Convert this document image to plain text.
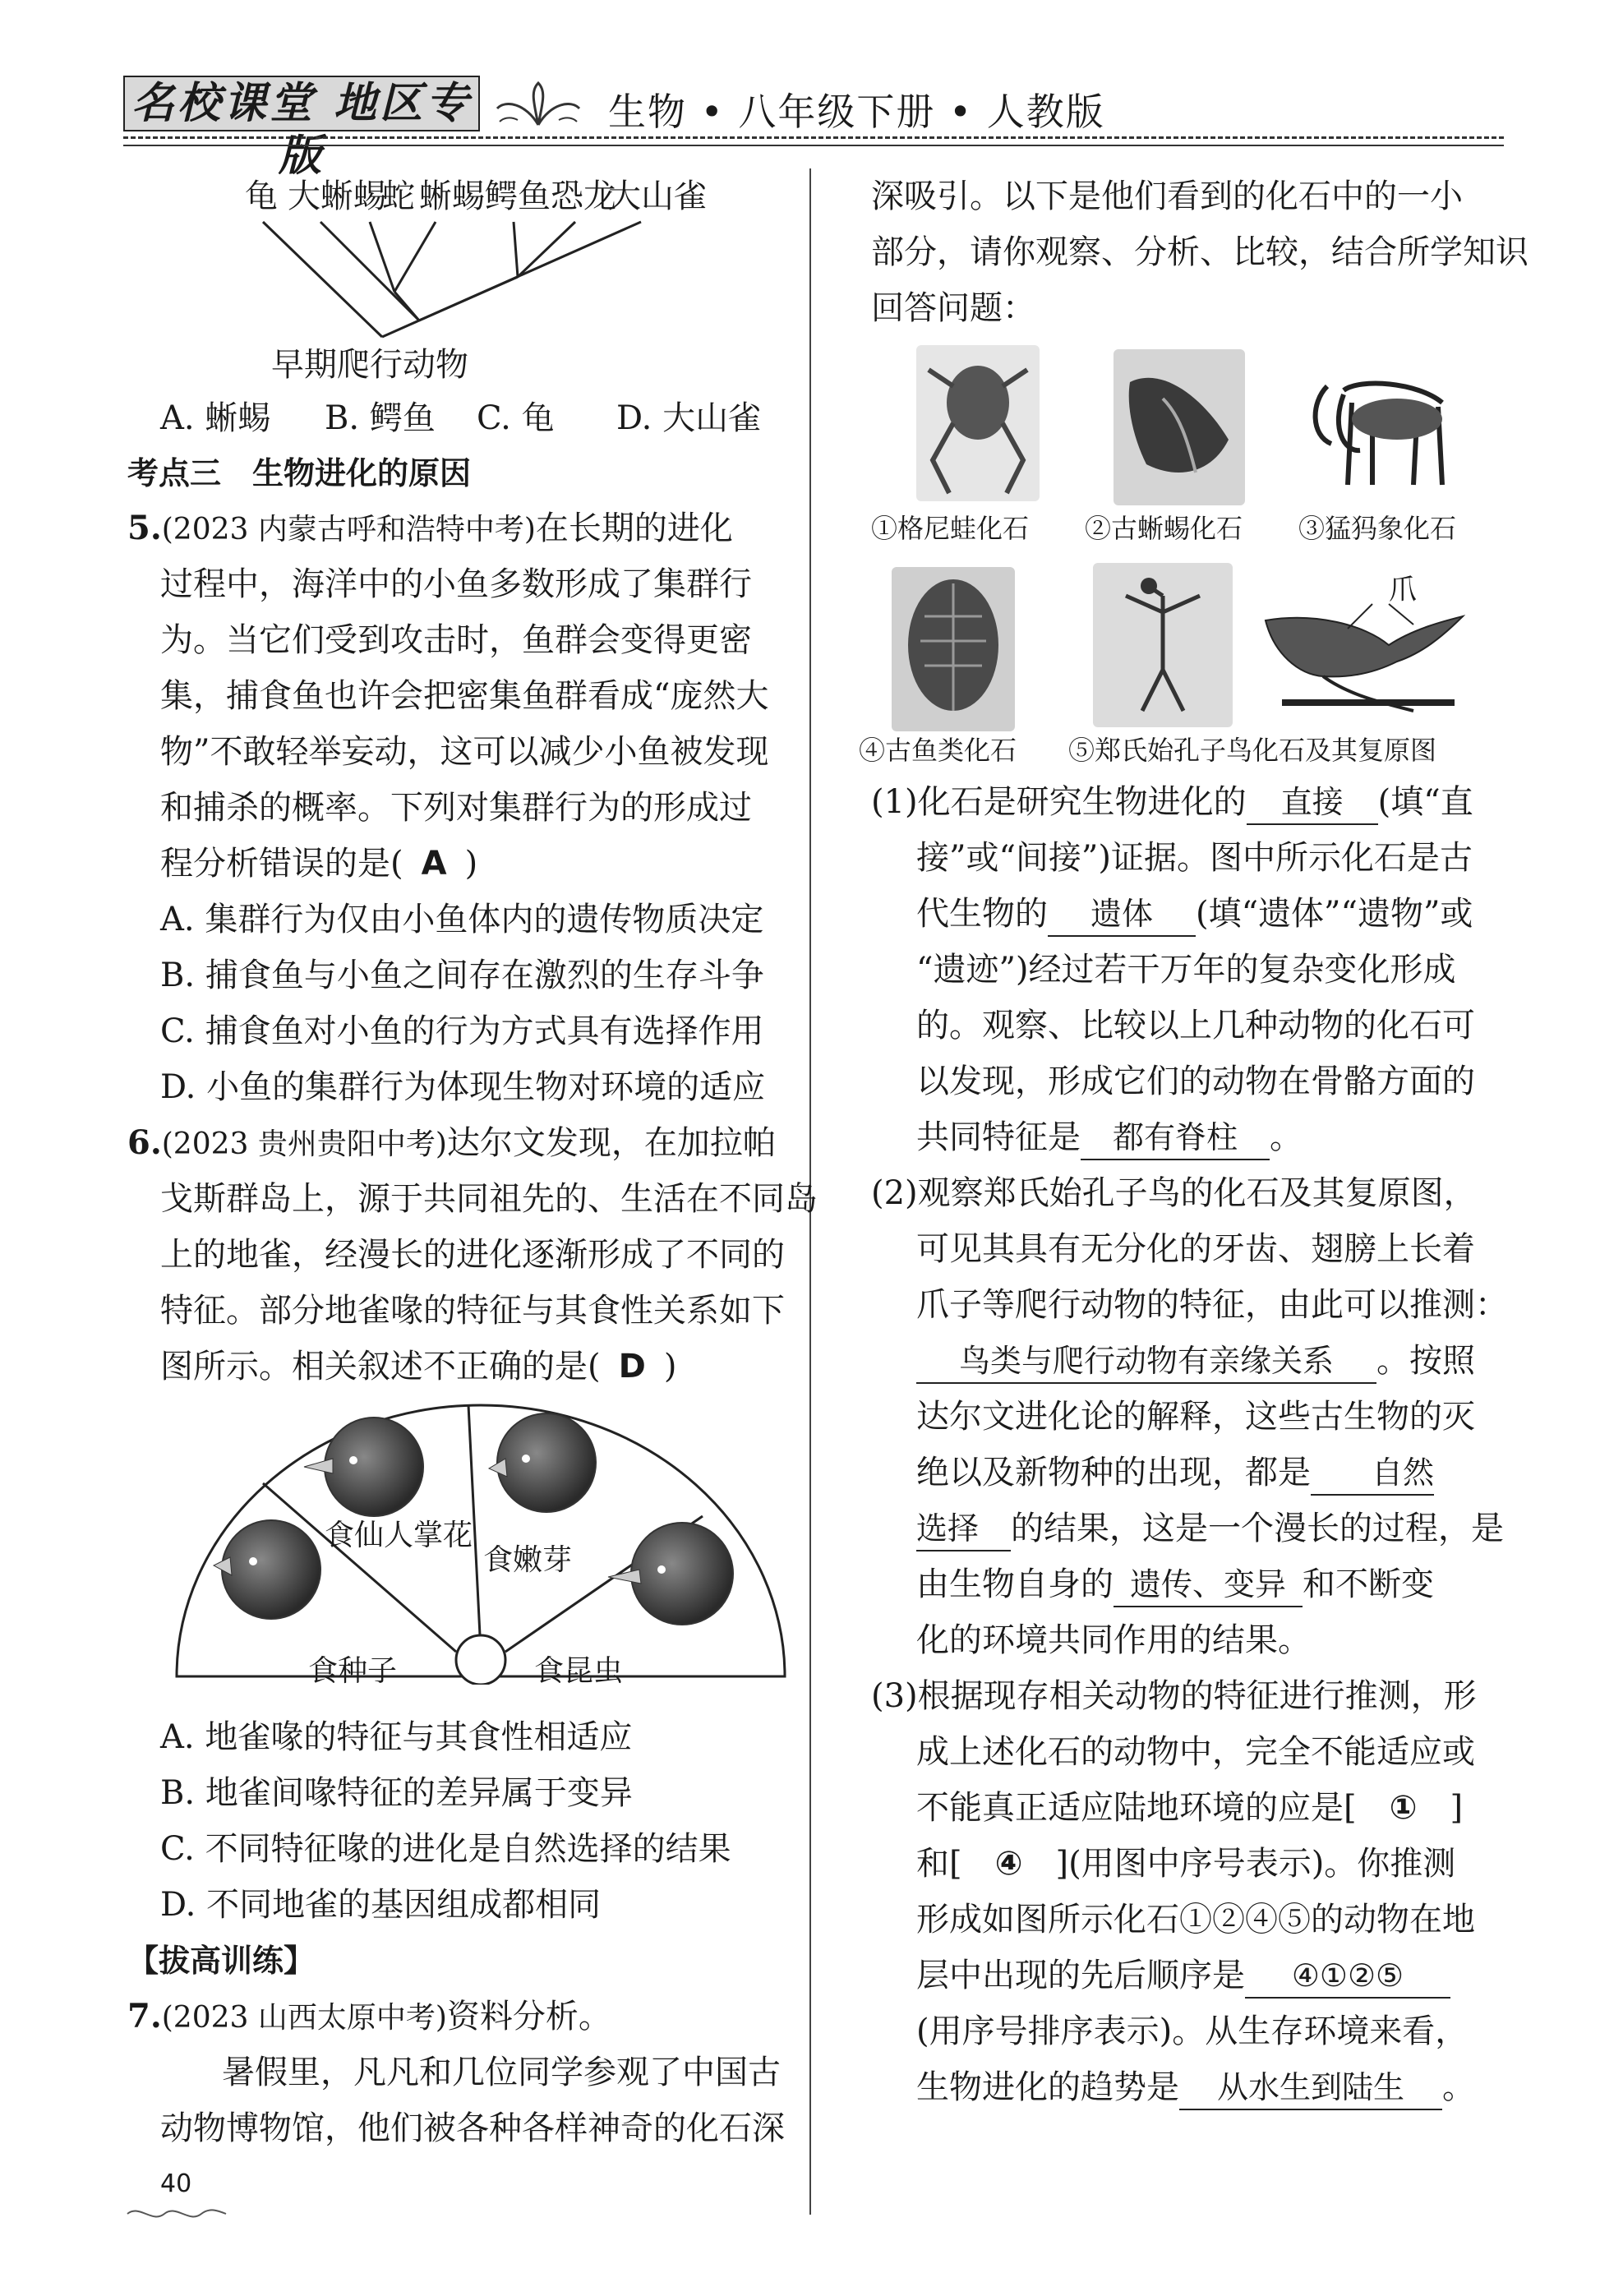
名校课堂 地区专版
生物 • 八年级下册 • 人教版
龟 大蜥蜴
蛇 蜥蜴 鳄鱼 恐龙
大山雀
早期爬行动物
A. 蜥蜴 B. 鳄鱼 C. 龟 D. 大山雀
考点三　生物进化的原因
5.(2023 内蒙古呼和浩特中考)在长期的进化
过程中，海洋中的小鱼多数形成了集群行
为。当它们受到攻击时，鱼群会变得更密
集，捕食鱼也许会把密集鱼群看成“庞然大
物”不敢轻举妄动，这可以减少小鱼被发现
和捕杀的概率。下列对集群行为的形成过
程分析错误的是( A )
A. 集群行为仅由小鱼体内的遗传物质决定
B. 捕食鱼与小鱼之间存在激烈的生存斗争
C. 捕食鱼对小鱼的行为方式具有选择作用
D. 小鱼的集群行为体现生物对环境的适应
6.(2023 贵州贵阳中考)达尔文发现，在加拉帕
戈斯群岛上，源于共同祖先的、生活在不同岛
上的地雀，经漫长的进化逐渐形成了不同的
特征。部分地雀喙的特征与其食性关系如下
图所示。相关叙述不正确的是( D )
食种子
食仙人掌花
食嫩芽
食昆虫
A. 地雀喙的特征与其食性相适应
B. 地雀间喙特征的差异属于变异
C. 不同特征喙的进化是自然选择的结果
D. 不同地雀的基因组成都相同
【拔高训练】
7.(2023 山西太原中考)资料分析。
暑假里，凡凡和几位同学参观了中国古
动物博物馆，他们被各种各样神奇的化石深
40
深吸引。以下是他们看到的化石中的一小
部分，请你观察、分析、比较，结合所学知识
回答问题：
①格尼蛙化石 ②古蜥蜴化石 ③猛犸象化石
爪
④古鱼类化石 ⑤郑氏始孔子鸟化石及其复原图
(1)化石是研究生物进化的 直接 (填“直
接”或“间接”)证据。图中所示化石是古
代生物的 遗体 (填“遗体”“遗物”或
“遗迹”)经过若干万年的复杂变化形成
的。观察、比较以上几种动物的化石可
以发现，形成它们的动物在骨骼方面的
共同特征是 都有脊柱 。
(2)观察郑氏始孔子鸟的化石及其复原图，
可见其具有无分化的牙齿、翅膀上长着
爪子等爬行动物的特征，由此可以推测：
鸟类与爬行动物有亲缘关系 。按照
达尔文进化论的解释，这些古生物的灭
绝以及新物种的出现，都是 自然
选择 的结果，这是一个漫长的过程，是
由生物自身的 遗传、变异 和不断变
化的环境共同作用的结果。
(3)根据现存相关动物的特征进行推测，形
成上述化石的动物中，完全不能适应或
不能真正适应陆地环境的应是[ ① ]
和[ ④ ](用图中序号表示)。你推测
形成如图所示化石①②④⑤的动物在地
层中出现的先后顺序是 ④①②⑤
(用序号排序表示)。从生存环境来看，
生物进化的趋势是 从水生到陆生 。
